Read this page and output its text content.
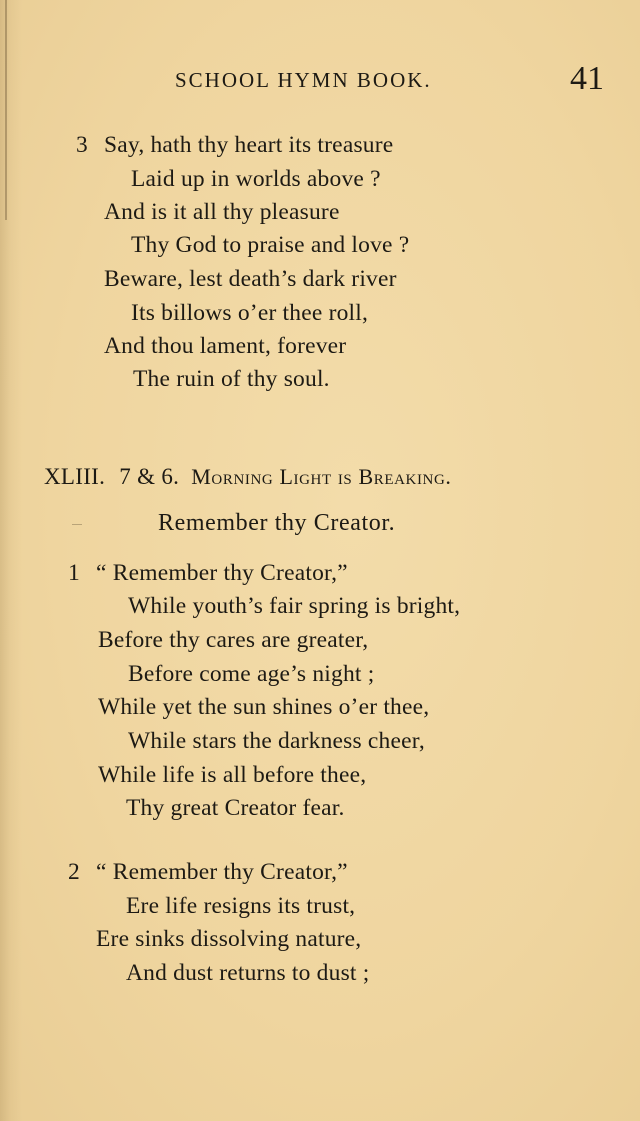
SCHOOL HYMN BOOK.	41
3 Say, hath thy heart its treasure
Laid up in worlds above ?
And is it all thy pleasure
Thy God to praise and love ?
Beware, lest death’s dark river
Its billows o’er thee roll,
And thou lament, forever
The ruin of thy soul.
XLIII. 7 & 6. Morning Light is Breaking.
Remember thy Creator.
1 “ Remember thy Creator,”
While youth’s fair spring is bright,
Before thy cares are greater,
Before come age’s night ;
While yet the sun shines o’er thee,
While stars the darkness cheer,
While life is all before thee,
Thy great Creator fear.
2 “ Remember thy Creator,”
Ere life resigns its trust,
Ere sinks dissolving nature,
And dust returns to dust ;
